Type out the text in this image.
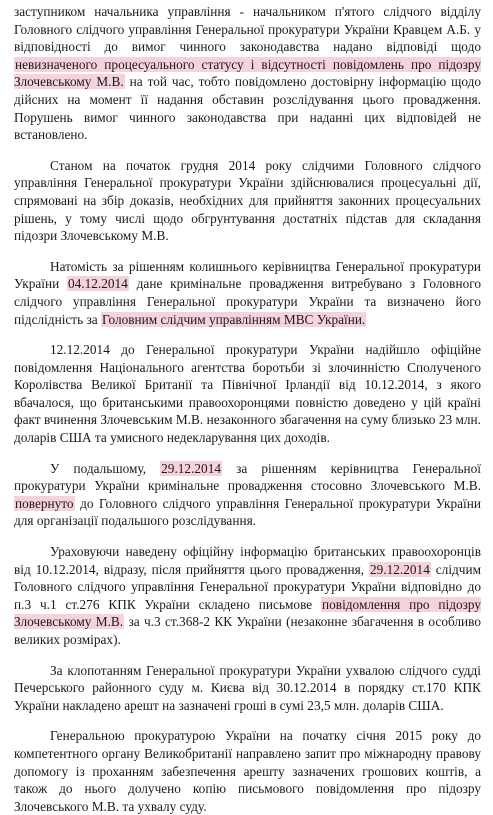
заступником начальника управління - начальником п'ятого слідчого відділу Головного слідчого управління Генеральної прокуратури України Кравцем А.Б. у відповідності до вимог чинного законодавства надано відповіді щодо невизначеного процесуального статусу і відсутності повідомлень про підозру Злочевському М.В. на той час, тобто повідомлено достовірну інформацію щодо дійсних на момент її надання обставин розслідування цього провадження. Порушень вимог чинного законодавства при наданні цих відповідей не встановлено.

Станом на початок грудня 2014 року слідчими Головного слідчого управління Генеральної прокуратури України здійснювалися процесуальні дії, спрямовані на збір доказів, необхідних для прийняття законних процесуальних рішень, у тому числі щодо обгрунтування достатніх підстав для складання підозри Злочевському М.В.

Натомість за рішенням колишнього керівництва Генеральної прокуратури України 04.12.2014 дане кримінальне провадження витребувано з Головного слідчого управління Генеральної прокуратури України та визначено його підслідність за Головним слідчим управлінням МВС України.

12.12.2014 до Генеральної прокуратури України надійшло офіційне повідомлення Національного агентства боротьби зі злочинністю Сполученого Королівства Великої Британії та Північної Ірландії від 10.12.2014, з якого вбачалося, що британськими правоохоронцями повністю доведено у цій країні факт вчинення Злочевським М.В. незаконного збагачення на суму близько 23 млн. доларів США та умисного недекларування цих доходів.

У подальшому, 29.12.2014 за рішенням керівництва Генеральної прокуратури України кримінальне провадження стосовно Злочевського М.В. повернуто до Головного слідчого управління Генеральної прокуратури України для організації подальшого розслідування.

Ураховуючи наведену офіційну інформацію британських правоохоронців від 10.12.2014, відразу, після прийняття цього провадження, 29.12.2014 слідчим Головного слідчого управління Генеральної прокуратури України відповідно до п.3 ч.1 ст.276 КПК України складено письмове повідомлення про підозру Злочевському М.В. за ч.3 ст.368-2 КК України (незаконне збагачення в особливо великих розмірах).

За клопотанням Генеральної прокуратури України ухвалою слідчого судді Печерського районного суду м. Києва від 30.12.2014 в порядку ст.170 КПК України накладено арешт на зазначені гроші в сумі 23,5 млн. доларів США.

Генеральною прокуратурою України на початку січня 2015 року до компетентного органу Великобританії направлено запит про міжнародну правову допомогу із проханням забезпечення арешту зазначених грошових коштів, а також до нього долучено копію письмового повідомлення про підозру Злочевського М.В. та ухвалу суду.
